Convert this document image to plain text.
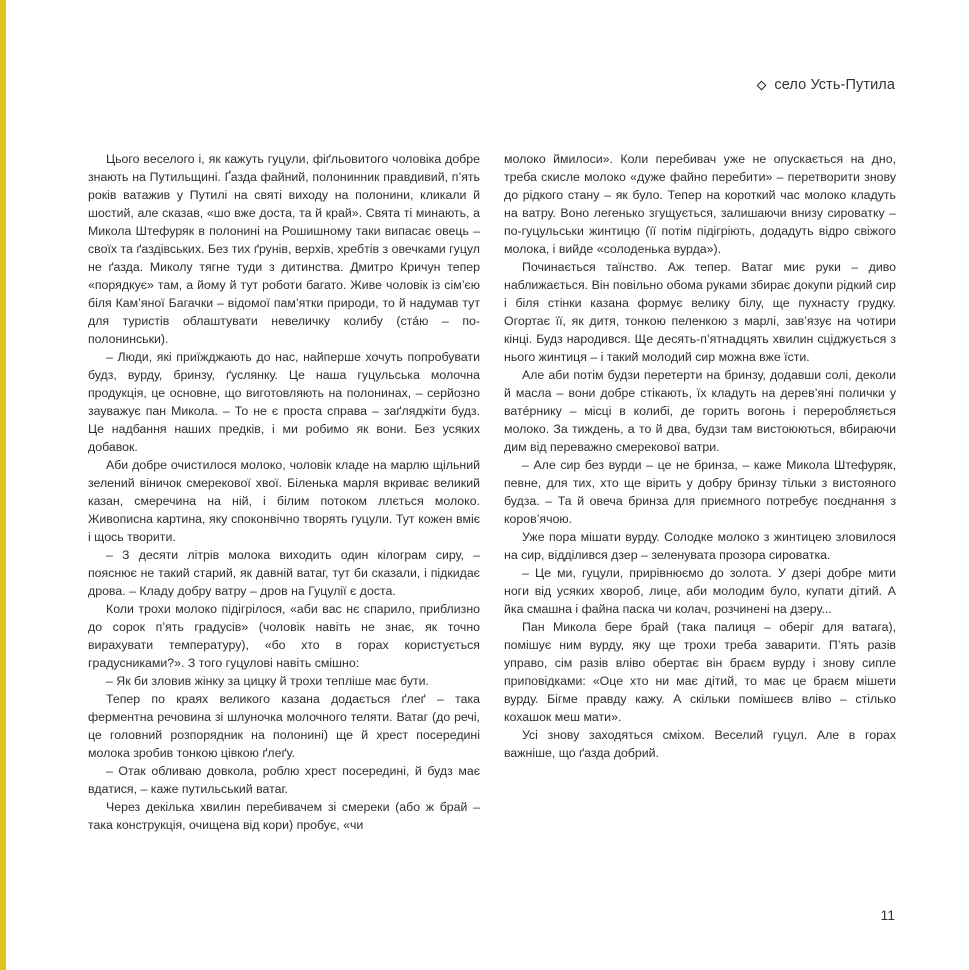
село Усть-Путила

Цього веселого і, як кажуть гуцули, фіґльовитого чоловіка добре знають на Путильщині. Ґазда файний, полонинник правдивий, п’ять років ватажив у Путилі на святі виходу на полонини, кликали й шостий, але сказав, «шо вже доста, та й край». Свята ті минають, а Микола Штефуряк в полонині на Рошишному таки випасає овець – своїх та ґаздівських. Без тих ґрунів, верхів, хребтів з овечками гуцул не ґазда. Миколу тягне туди з дитинства. Дмитро Кричун тепер «порядкує» там, а йому й тут роботи багато. Живе чоловік із сім’єю біля Кам’яної Багачки – відомої пам’ятки природи, то й надумав тут для туристів облаштувати невеличку колибу (стáю – по-полонинськи).

– Люди, які приїжджають до нас, найперше хочуть попробувати будз, вурду, бринзу, ґуслянку. Це наша гуцульська молочна продукція, це основне, що виготовляють на полонинах, – серйозно зауважує пан Микола. – То не є проста справа – заґляджіти будз. Це надбання наших предків, і ми робимо як вони. Без усяких добавок.

Аби добре очистилося молоко, чоловік кладе на марлю щільний зелений віничок смерекової хвої. Біленька марля вкриває великий казан, смеречина на ній, і білим потоком ллється молоко. Живописна картина, яку споконвічно творять гуцули. Тут кожен вміє і щось творити.

– З десяти літрів молока виходить один кілограм сиру, – пояснює не такий старий, як давній ватаг, тут би сказали, і підкидає дрова. – Кладу добру ватру – дров на Гуцулії є доста.

Коли трохи молоко підігрілося, «аби вас нє спарило, приблизно до сорок п’ять градусів» (чоловік навіть не знає, як точно вирахувати температуру), «бо хто в горах користується градусниками?». З того гуцулові навіть смішно:

– Як би зловив жінку за цицку й трохи тепліше має бути.

Тепер по краях великого казана додається ґлеґ – така ферментна речовина зі шлуночка молочного теляти. Ватаг (до речі, це головний розпорядник на полонині) ще й хрест посередині молока зробив тонкою цівкою ґлеґу.

– Отак обливаю довкола, роблю хрест посередині, й будз має вдатися, – каже путильський ватаг.

Через декілька хвилин перебивачем зі смереки (або ж брай – така конструкція, очищена від кори) пробує, «чи

молоко ймилоси». Коли перебивач уже не опускається на дно, треба скисле молоко «дуже файно перебити» – перетворити знову до рідкого стану – як було. Тепер на короткий час молоко кладуть на ватру. Воно легенько згущується, залишаючи внизу сироватку – по-гуцульськи жинтицю (її потім підігріють, додадуть відро свіжого молока, і вийде «солоденька вурда»).

Починається таїнство. Аж тепер. Ватаг миє руки – диво наближається. Він повільно обома руками збирає докупи рідкий сир і біля стінки казана формує велику білу, ще пухнасту грудку. Огортає її, як дитя, тонкою пеленкою з марлі, зав’язує на чотири кінці. Будз народився. Ще десять-п’ятнадцять хвилин сціджується з нього жинтиця – і такий молодий сир можна вже їсти.

Але аби потім будзи перетерти на бринзу, додавши солі, деколи й масла – вони добре стікають, їх кладуть на дерев’яні полички у ватéрнику – місці в колибі, де горить вогонь і переробляється молоко. За тиждень, а то й два, будзи там вистоюються, вбираючи дим від переважно смерекової ватри.

– Але сир без вурди – це не бринза, – каже Микола Штефуряк, певне, для тих, хто ще вірить у добру бринзу тільки з вистояного будза. – Та й овеча бринза для приємного потребує поєднання з коров’ячою.

Уже пора мішати вурду. Солодке молоко з жинтицею зловилося на сир, відділився дзер – зеленувата прозора сироватка.

– Це ми, гуцули, прирівнюємо до золота. У дзері добре мити ноги від усяких хвороб, лице, аби молодим було, купати дітий. А йка смашна і файна паска чи колач, розчинені на дзеру...

Пан Микола бере брай (така палиця – оберіг для ватага), помішує ним вурду, яку ще трохи треба заварити. П’ять разів управо, сім разів вліво обертає він браєм вурду і знову сипле приповідками: «Оце хто ни має дітий, то має це браєм мішети вурду. Бігме правду кажу. А скільки помішеєв вліво – стілько кохашок меш мати».

Усі знову заходяться сміхом. Веселий гуцул. Але в горах важніше, що ґазда добрий.

11
